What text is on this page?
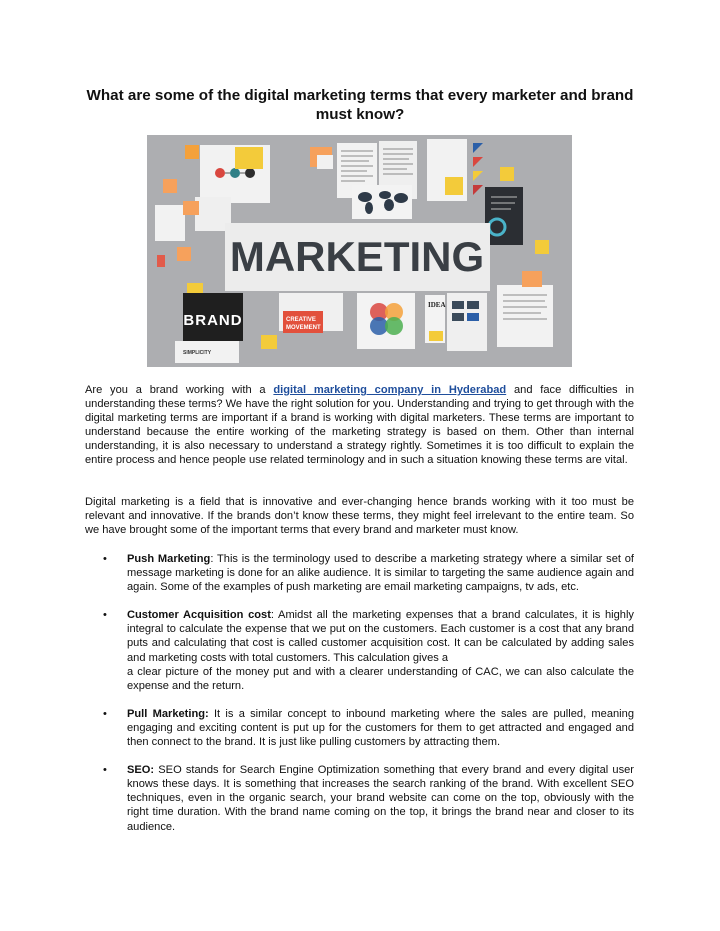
What are some of the digital marketing terms that every marketer and brand must know?
MARKETING
BRAND
SIMPLICITY
CREATIVE
MOVEMENT
IDEA

Are you a brand working with a digital marketing company in Hyderabad and face difficulties in understanding these terms? We have the right solution for you. Understanding and trying to get through with the digital marketing terms are important if a brand is working with digital marketers. These terms are important to understand because the entire working of the marketing strategy is based on them. Other than internal understanding, it is also necessary to understand a strategy rightly. Sometimes it is too difficult to explain the entire process and hence people use related terminology and in such a situation knowing these terms are vital.

Digital marketing is a field that is innovative and ever-changing hence brands working with it too must be relevant and innovative. If the brands don’t know these terms, they might feel irrelevant to the entire team. So we have brought some of the important terms that every brand and marketer must know.

• Push Marketing: This is the terminology used to describe a marketing strategy where a similar set of message marketing is done for an alike audience. It is similar to targeting the same audience again and again. Some of the examples of push marketing are email marketing campaigns, tv ads, etc.
• Customer Acquisition cost: Amidst all the marketing expenses that a brand calculates, it is highly integral to calculate the expense that we put on the customers. Each customer is a cost that any brand puts and calculating that cost is called customer acquisition cost. It can be calculated by adding sales and marketing costs with total customers. This calculation gives a
a clear picture of the money put and with a clearer understanding of CAC, we can also calculate the expense and the return.
• Pull Marketing: It is a similar concept to inbound marketing where the sales are pulled, meaning engaging and exciting content is put up for the customers for them to get attracted and engaged and then connect to the brand. It is just like pulling customers by attracting them.
• SEO: SEO stands for Search Engine Optimization something that every brand and every digital user knows these days. It is something that increases the search ranking of the brand. With excellent SEO techniques, even in the organic search, your brand website can come on the top, obviously with the right time duration. With the brand name coming on the top, it brings the brand near and closer to its audience.
